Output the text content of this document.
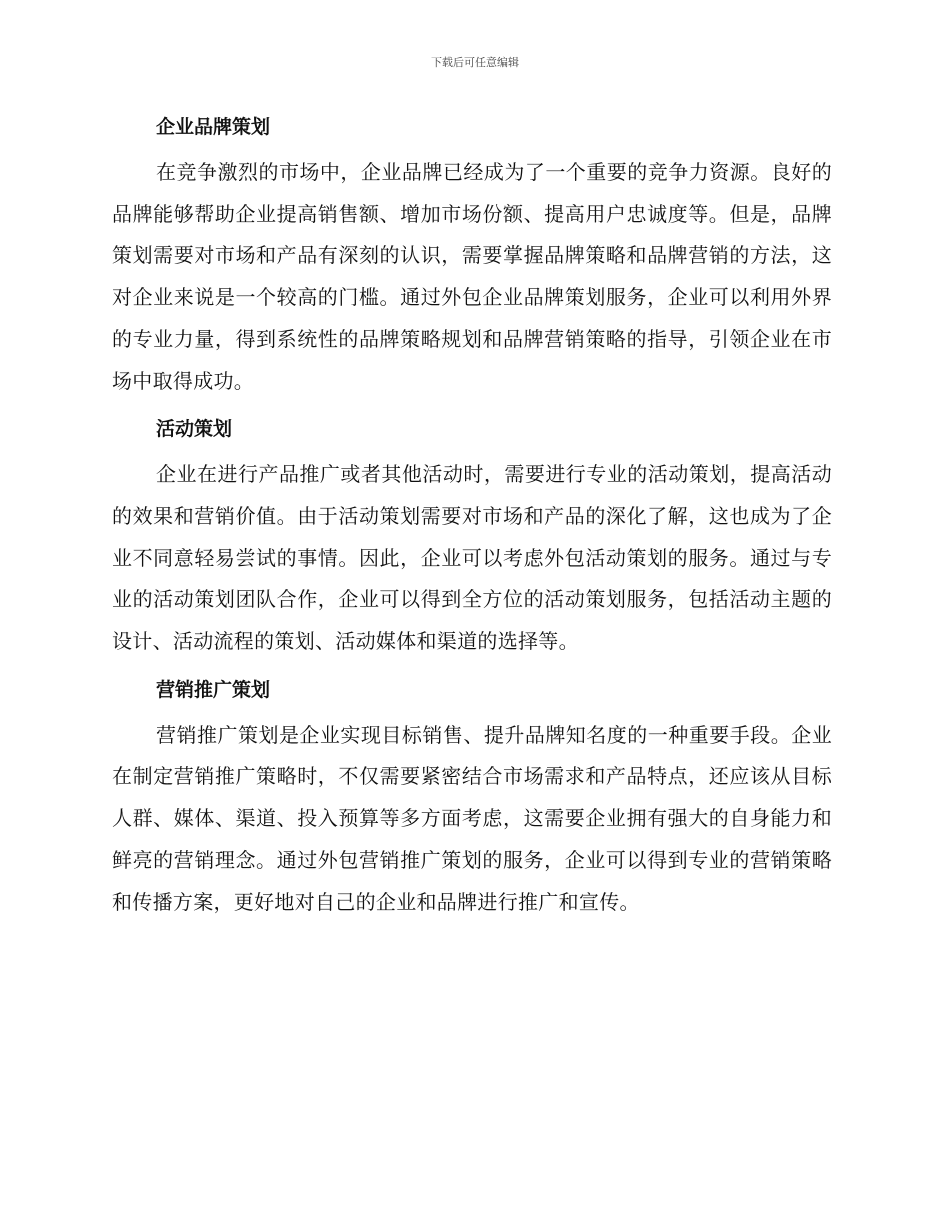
下载后可任意编辑
企业品牌策划

在竞争激烈的市场中，企业品牌已经成为了一个重要的竞争力资源。良好的品牌能够帮助企业提高销售额、增加市场份额、提高用户忠诚度等。但是，品牌策划需要对市场和产品有深刻的认识，需要掌握品牌策略和品牌营销的方法，这对企业来说是一个较高的门槛。通过外包企业品牌策划服务，企业可以利用外界的专业力量，得到系统性的品牌策略规划和品牌营销策略的指导，引领企业在市场中取得成功。

活动策划

企业在进行产品推广或者其他活动时，需要进行专业的活动策划，提高活动的效果和营销价值。由于活动策划需要对市场和产品的深化了解，这也成为了企业不同意轻易尝试的事情。因此，企业可以考虑外包活动策划的服务。通过与专业的活动策划团队合作，企业可以得到全方位的活动策划服务，包括活动主题的设计、活动流程的策划、活动媒体和渠道的选择等。

营销推广策划

营销推广策划是企业实现目标销售、提升品牌知名度的一种重要手段。企业在制定营销推广策略时，不仅需要紧密结合市场需求和产品特点，还应该从目标人群、媒体、渠道、投入预算等多方面考虑，这需要企业拥有强大的自身能力和鲜亮的营销理念。通过外包营销推广策划的服务，企业可以得到专业的营销策略和传播方案，更好地对自己的企业和品牌进行推广和宣传。
